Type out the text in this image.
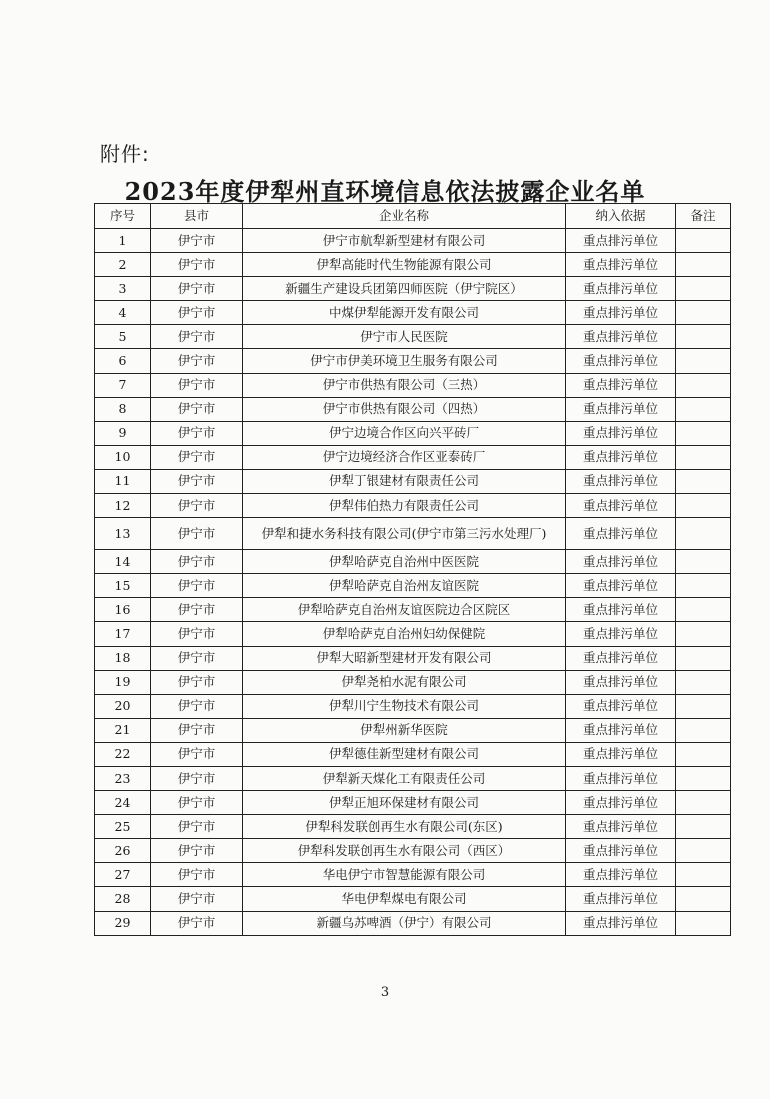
附件:
2023年度伊犁州直环境信息依法披露企业名单
序号	县市	企业名称	纳入依据	备注
1	伊宁市	伊宁市航犁新型建材有限公司	重点排污单位	
2	伊宁市	伊犁高能时代生物能源有限公司	重点排污单位	
3	伊宁市	新疆生产建设兵团第四师医院（伊宁院区）	重点排污单位	
4	伊宁市	中煤伊犁能源开发有限公司	重点排污单位	
5	伊宁市	伊宁市人民医院	重点排污单位	
6	伊宁市	伊宁市伊美环境卫生服务有限公司	重点排污单位	
7	伊宁市	伊宁市供热有限公司（三热）	重点排污单位	
8	伊宁市	伊宁市供热有限公司（四热）	重点排污单位	
9	伊宁市	伊宁边境合作区向兴平砖厂	重点排污单位	
10	伊宁市	伊宁边境经济合作区亚泰砖厂	重点排污单位	
11	伊宁市	伊犁丁银建材有限责任公司	重点排污单位	
12	伊宁市	伊犁伟伯热力有限责任公司	重点排污单位	
13	伊宁市	伊犁和捷水务科技有限公司(伊宁市第三污水处理厂)	重点排污单位	
14	伊宁市	伊犁哈萨克自治州中医医院	重点排污单位	
15	伊宁市	伊犁哈萨克自治州友谊医院	重点排污单位	
16	伊宁市	伊犁哈萨克自治州友谊医院边合区院区	重点排污单位	
17	伊宁市	伊犁哈萨克自治州妇幼保健院	重点排污单位	
18	伊宁市	伊犁大昭新型建材开发有限公司	重点排污单位	
19	伊宁市	伊犁尧柏水泥有限公司	重点排污单位	
20	伊宁市	伊犁川宁生物技术有限公司	重点排污单位	
21	伊宁市	伊犁州新华医院	重点排污单位	
22	伊宁市	伊犁德佳新型建材有限公司	重点排污单位	
23	伊宁市	伊犁新天煤化工有限责任公司	重点排污单位	
24	伊宁市	伊犁正旭环保建材有限公司	重点排污单位	
25	伊宁市	伊犁科发联创再生水有限公司(东区)	重点排污单位	
26	伊宁市	伊犁科发联创再生水有限公司（西区）	重点排污单位	
27	伊宁市	华电伊宁市智慧能源有限公司	重点排污单位	
28	伊宁市	华电伊犁煤电有限公司	重点排污单位	
29	伊宁市	新疆乌苏啤酒（伊宁）有限公司	重点排污单位	
3
